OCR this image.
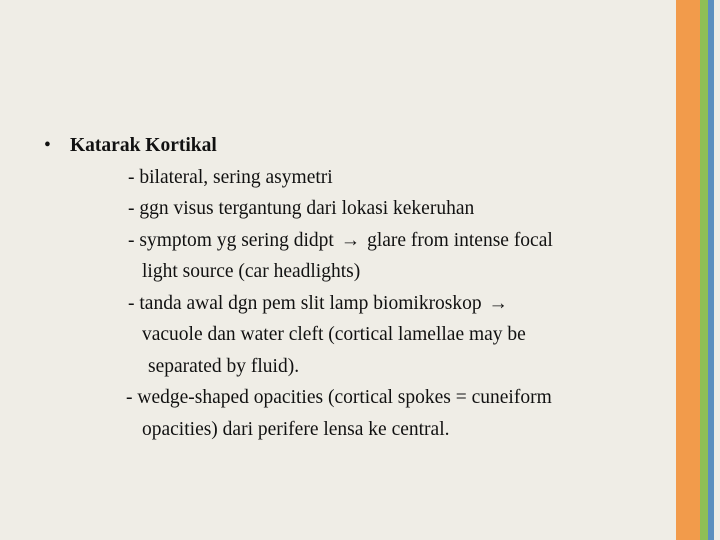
• Katarak Kortikal
- bilateral, sering asymetri
- ggn visus tergantung dari lokasi kekeruhan
- symptom yg sering didpt → glare from intense focal
light source (car headlights)
- tanda awal dgn pem slit lamp biomikroskop →
vacuole dan water cleft (cortical lamellae may be
separated by fluid).
- wedge-shaped opacities (cortical spokes = cuneiform
opacities) dari perifere lensa ke central.
